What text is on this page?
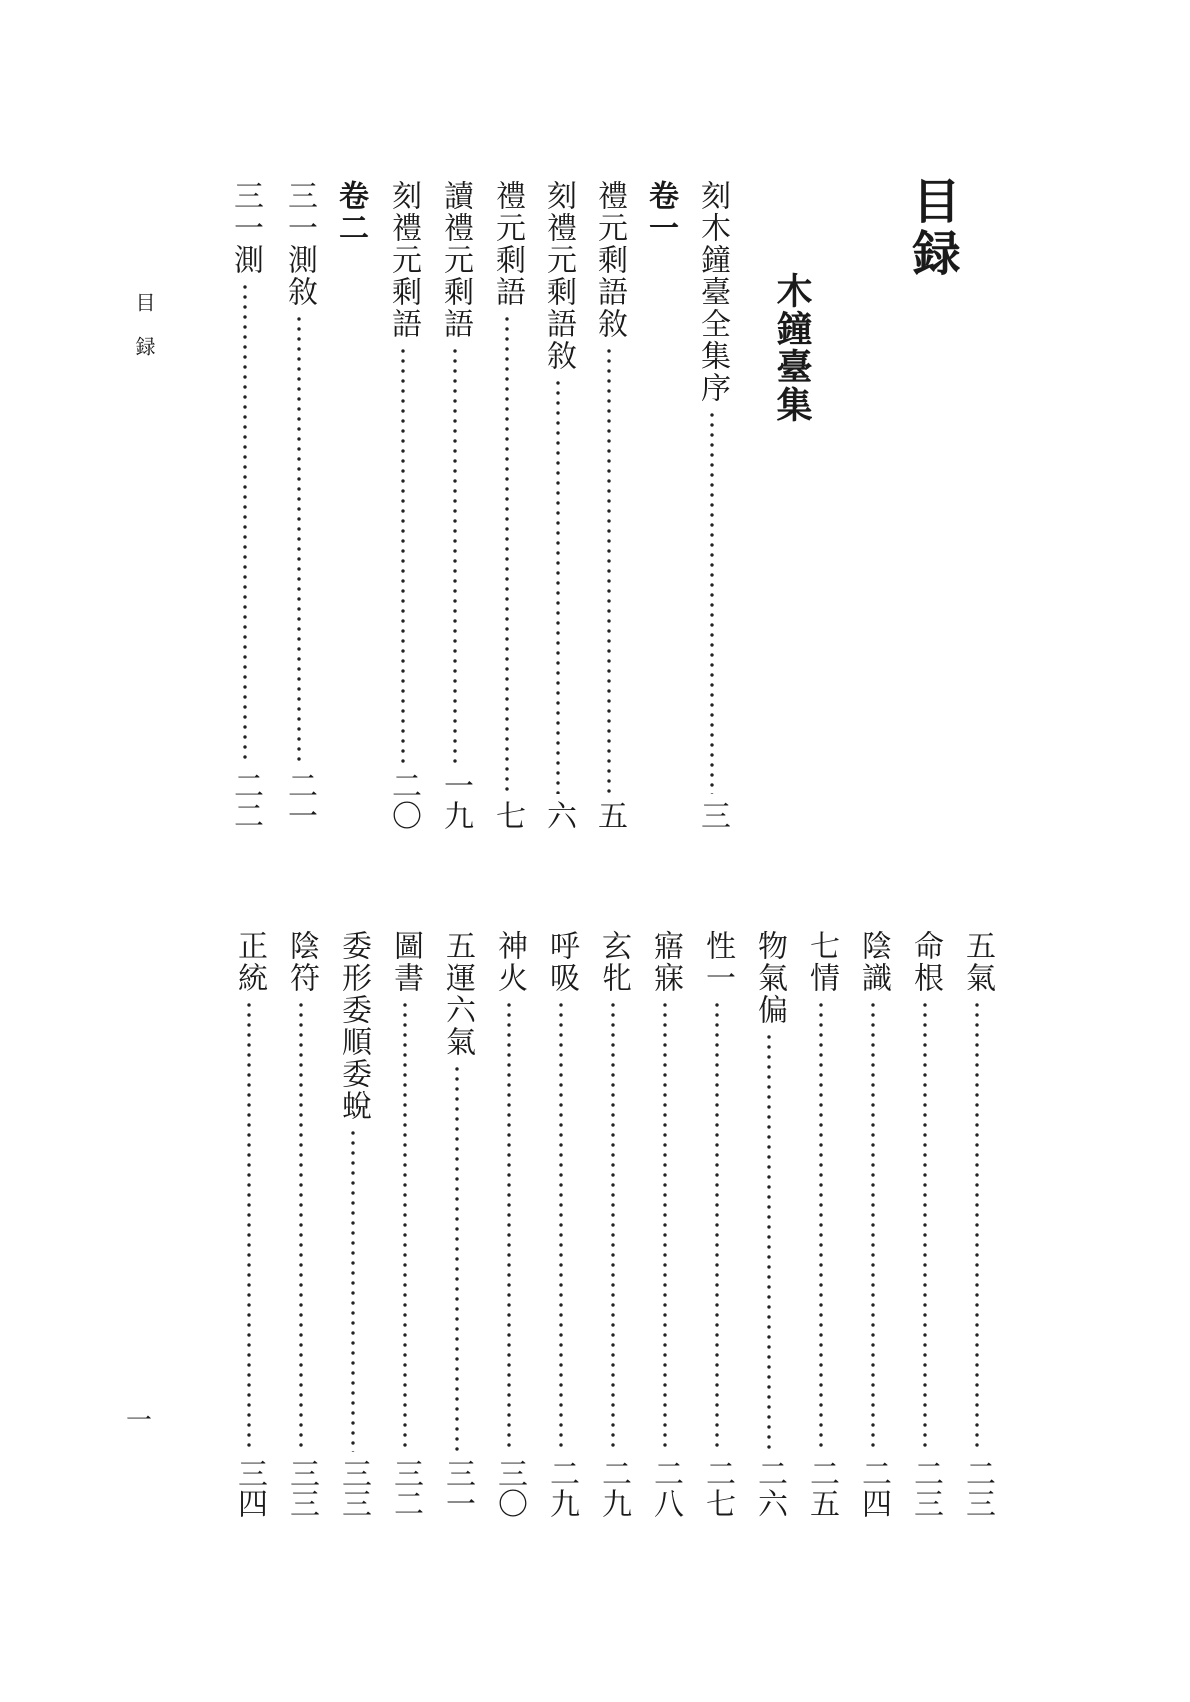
目録
木鐘臺集
目録
一
刻木鐘臺全集序
三
卷一
禮元剩語敘
五
刻禮元剩語敘
六
禮元剩語
七
讀禮元剩語
一九
刻禮元剩語
二〇
卷二
三一測敘
二一
三一測
二二
五氣
二三
命根
二三
陰識
二四
七情
二五
物氣偏
二六
性一
二七
寤寐
二八
玄牝
二九
呼吸
二九
神火
三〇
五運六氣
三一
圖書
三二
委形委順委蛻
三三
陰符
三三
正統
三四
